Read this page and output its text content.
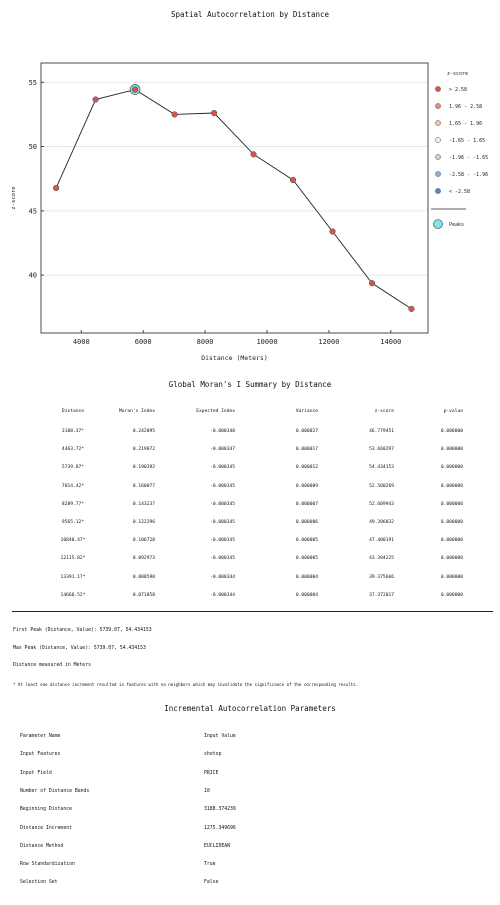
Spatial Autocorrelation by Distance
40
45
50
55
4000	6000	8000	10000	12000	14000
Distance (Meters)
z-score
z-score
> 2.58
1.96 - 2.58
1.65 - 1.96
-1.65 - 1.65
-1.96 - -1.65
-2.58 - -1.96
< -2.58
Peaks
Global Moran's I Summary by Distance
Distance	Moran's Index	Expected Index	Variance	z-score	p-value
3188.37*	0.242095	-0.000348	0.000027	46.779451	0.000000
4463.72*	0.219072	-0.000347	0.000017	53.660297	0.000000
5739.07*	0.190392	-0.000345	0.000012	54.434153	0.000000
7014.42*	0.160077	-0.000345	0.000009	52.500269	0.000000
8289.77*	0.143237	-0.000345	0.000007	52.609943	0.000000
9565.12*	0.122296	-0.000345	0.000006	49.396032	0.000000
10840.47*	0.106728	-0.000345	0.000005	47.400191	0.000000
12115.82*	0.092973	-0.000345	0.000005	43.394225	0.000000
13391.17*	0.080590	-0.000344	0.000004	39.375666	0.000000
14666.52*	0.071858	-0.000344	0.000004	37.372017	0.000000
First Peak (Distance, Value): 5739.07, 54.434153
Max Peak (Distance, Value): 5739.07, 54.434153
Distance measured in Meters
* At least one distance increment resulted in features with no neighbors which may invalidate the significance of the corresponding results.
Incremental Autocorrelation Parameters
Parameter Name	Input Value
Input Features	shotop
Input Field	PRICE
Number of Distance Bands	10
Beginning Distance	3188.374239
Distance Increment	1275.349696
Distance Method	EUCLIDEAN
Row Standardization	True
Selection Set	False
